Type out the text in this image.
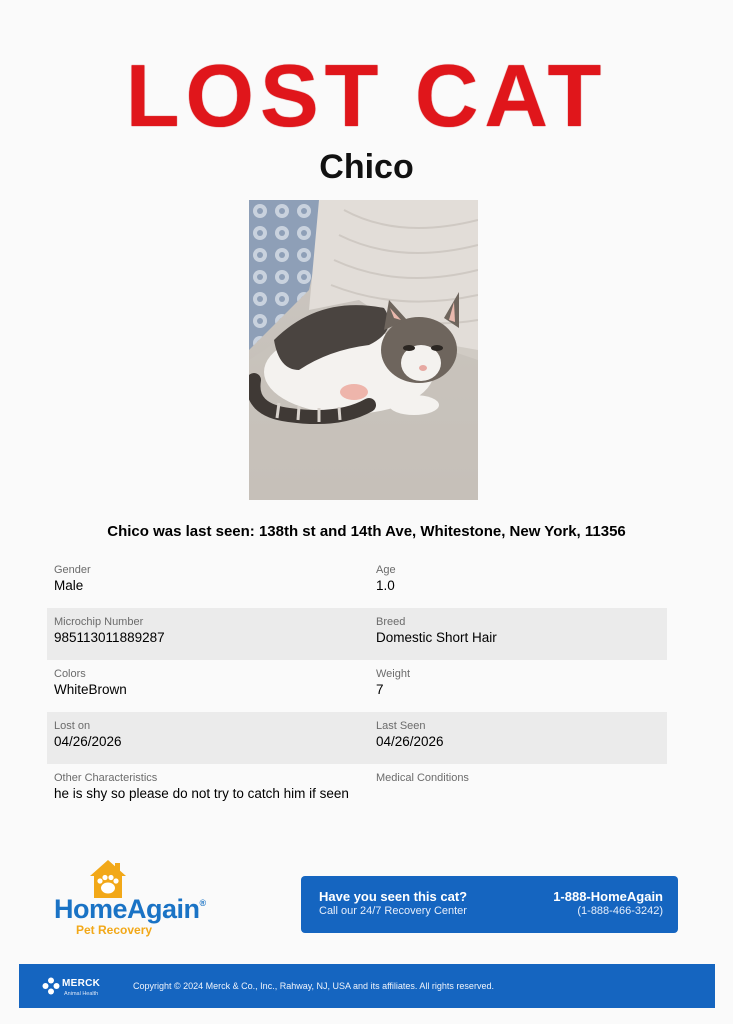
LOST CAT
Chico
Chico was last seen: 138th st and 14th Ave, Whitestone, New York, 11356
Gender
Male
Age
1.0
Microchip Number
985113011889287
Breed
Domestic Short Hair
Colors
WhiteBrown
Weight
7
Lost on
04/26/2026
Last Seen
04/26/2026
Other Characteristics
he is shy so please do not try to catch him if seen
Medical Conditions
HomeAgain®
Pet Recovery
Have you seen this cat?
Call our 24/7 Recovery Center
1-888-HomeAgain
(1-888-466-3242)
MERCK
Animal Health
Copyright © 2024 Merck & Co., Inc., Rahway, NJ, USA and its affiliates. All rights reserved.
